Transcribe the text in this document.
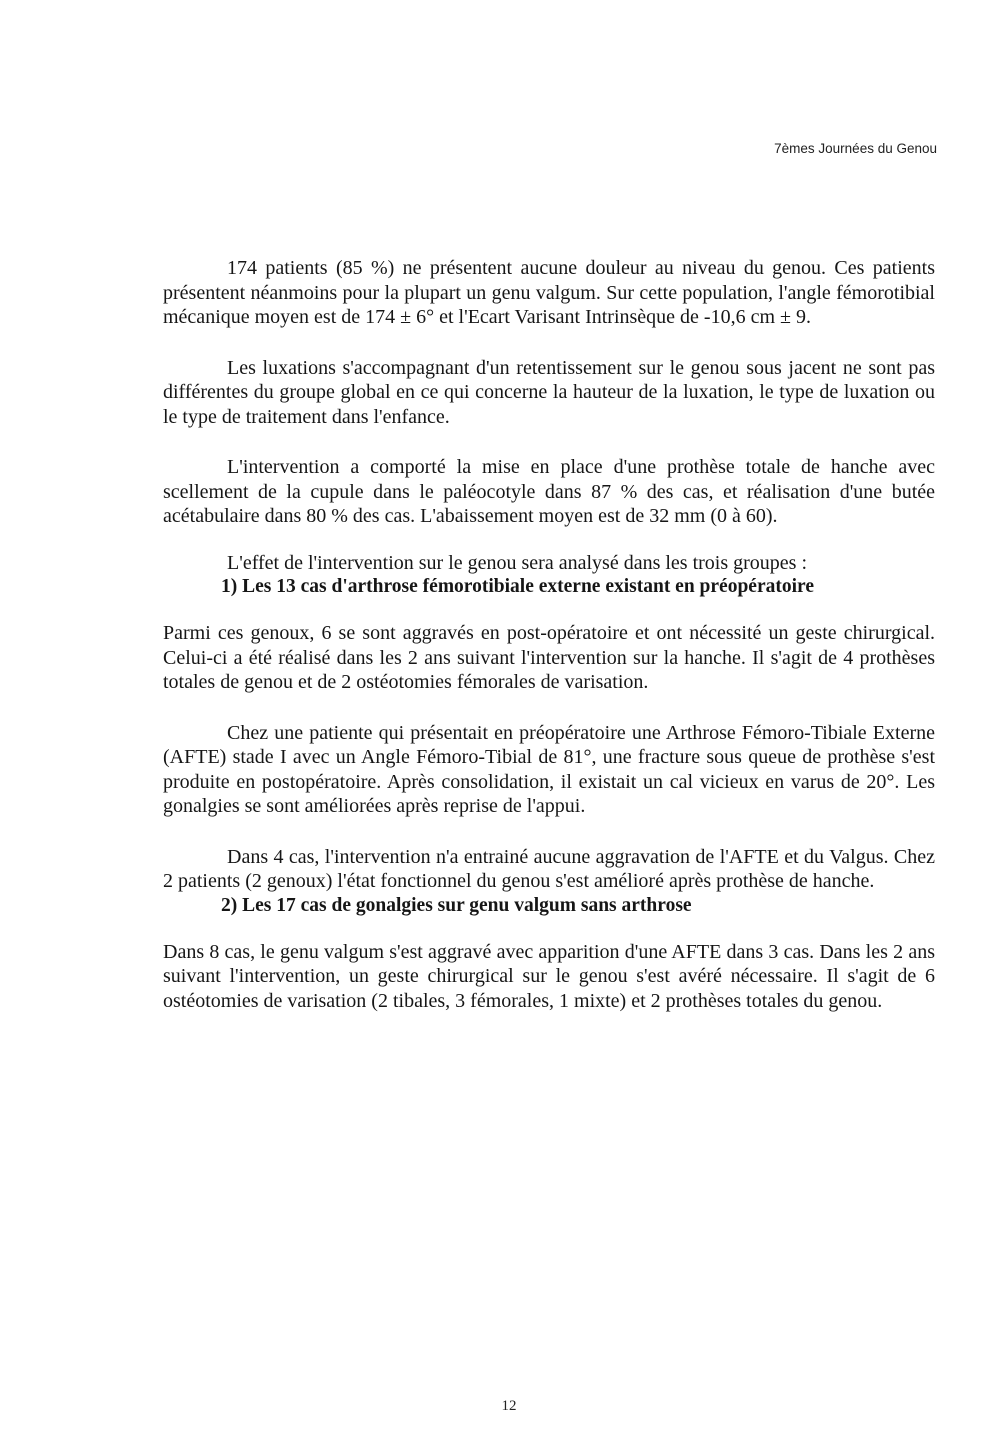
7èmes Journées du Genou

174 patients (85 %) ne présentent aucune douleur au niveau du genou. Ces patients présentent néanmoins pour la plupart un genu valgum. Sur cette population, l'angle fémorotibial mécanique moyen est de 174 ± 6° et l'Ecart Varisant Intrinsèque de -10,6 cm ± 9.

Les luxations s'accompagnant d'un retentissement sur le genou sous jacent ne sont pas différentes du groupe global en ce qui concerne la hauteur de la luxation, le type de luxation ou le type de traitement dans l'enfance.

L'intervention a comporté la mise en place d'une prothèse totale de hanche avec scellement de la cupule dans le paléocotyle dans 87 % des cas, et réalisation d'une butée acétabulaire dans 80 % des cas. L'abaissement moyen est de 32 mm (0 à 60).

L'effet de l'intervention sur le genou sera analysé dans les trois groupes :

1) Les 13 cas d'arthrose fémorotibiale externe existant en préopératoire

Parmi ces genoux, 6 se sont aggravés en post-opératoire et ont nécessité un geste chirurgical. Celui-ci a été réalisé dans les 2 ans suivant l'intervention sur la hanche. Il s'agit de 4 prothèses totales de genou et de 2 ostéotomies fémorales de varisation.

Chez une patiente qui présentait en préopératoire une Arthrose Fémoro-Tibiale Externe (AFTE) stade I avec un Angle Fémoro-Tibial de 81°, une fracture sous queue de prothèse s'est produite en postopératoire. Après consolidation, il existait un cal vicieux en varus de 20°. Les gonalgies se sont améliorées après reprise de l'appui.

Dans 4 cas, l'intervention n'a entrainé aucune aggravation de l'AFTE et du Valgus. Chez 2 patients (2 genoux) l'état fonctionnel du genou s'est amélioré après prothèse de hanche.

2) Les 17 cas de gonalgies sur genu valgum sans arthrose

Dans 8 cas, le genu valgum s'est aggravé avec apparition d'une AFTE dans 3 cas. Dans les 2 ans suivant l'intervention, un geste chirurgical sur le genou s'est avéré nécessaire. Il s'agit de 6 ostéotomies de varisation (2 tibales, 3 fémorales, 1 mixte) et 2 prothèses totales du genou.

12
